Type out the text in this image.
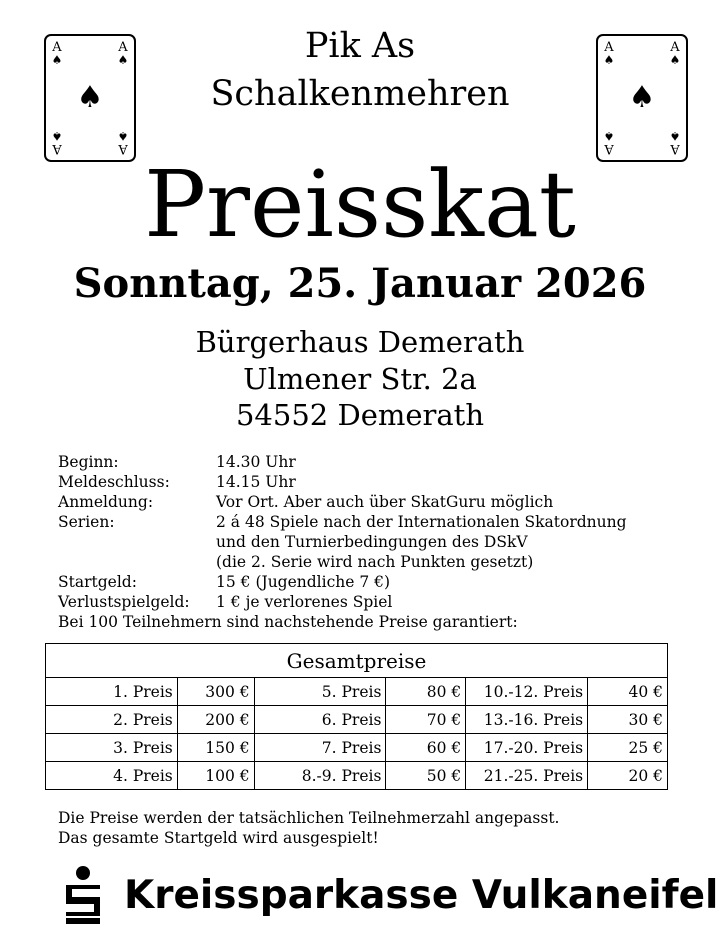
A
♠
A
♠
♠
A
♠
A
♠
A
♠
A
♠
♠
A
♠
A
♠
Pik As
Schalkenmehren
Preisskat
Sonntag, 25. Januar 2026
Bürgerhaus Demerath
Ulmener Str. 2a
54552 Demerath
Beginn:	14.30 Uhr
Meldeschluss:	14.15 Uhr
Anmeldung:	Vor Ort. Aber auch über SkatGuru möglich
Serien:	2 á 48 Spiele nach der Internationalen Skatordnung
und den Turnierbedingungen des DSkV
(die 2. Serie wird nach Punkten gesetzt)
Startgeld:	15 € (Jugendliche 7 €)
Verlustspielgeld:	1 € je verlorenes Spiel
Bei 100 Teilnehmern sind nachstehende Preise garantiert:
Gesamtpreise					
1. Preis	300 €	5. Preis	80 €	10.-12. Preis	40 €
2. Preis	200 €	6. Preis	70 €	13.-16. Preis	30 €
3. Preis	150 €	7. Preis	60 €	17.-20. Preis	25 €
4. Preis	100 €	8.-9. Preis	50 €	21.-25. Preis	20 €
Die Preise werden der tatsächlichen Teilnehmerzahl angepasst.
Das gesamte Startgeld wird ausgespielt!
Kreissparkasse Vulkaneifel
